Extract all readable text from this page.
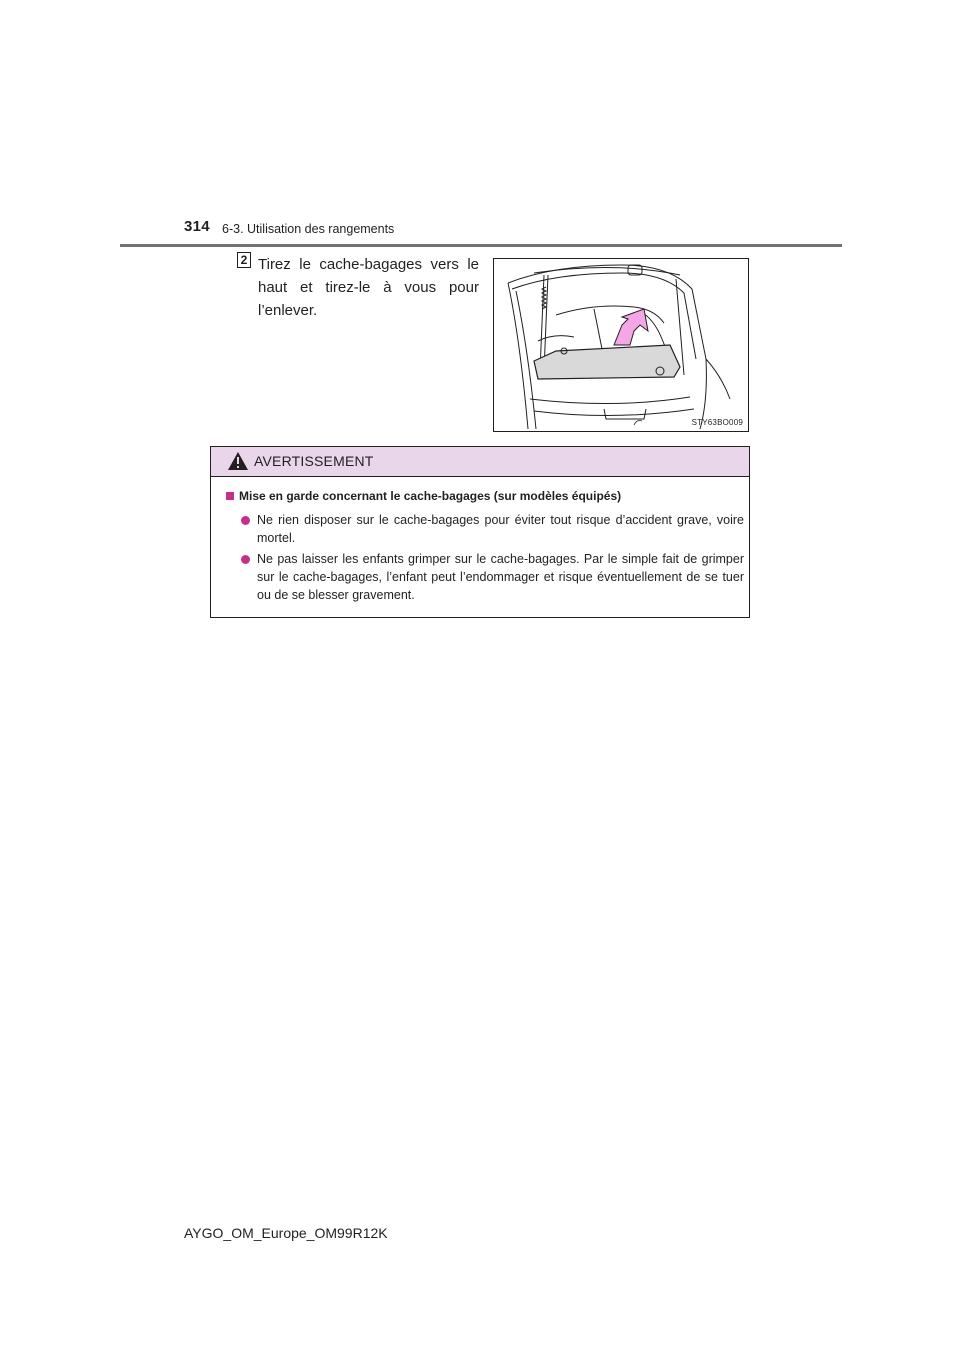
314 6-3. Utilisation des rangements
2 Tirez le cache-bagages vers le haut et tirez-le à vous pour l’enlever.
STY63BO009
AVERTISSEMENT
Mise en garde concernant le cache-bagages (sur modèles équipés)
Ne rien disposer sur le cache-bagages pour éviter tout risque d’accident grave, voire mortel.
Ne pas laisser les enfants grimper sur le cache-bagages. Par le simple fait de grimper sur le cache-bagages, l’enfant peut l’endommager et risque éventuellement de se tuer ou de se blesser gravement.
AYGO_OM_Europe_OM99R12K
